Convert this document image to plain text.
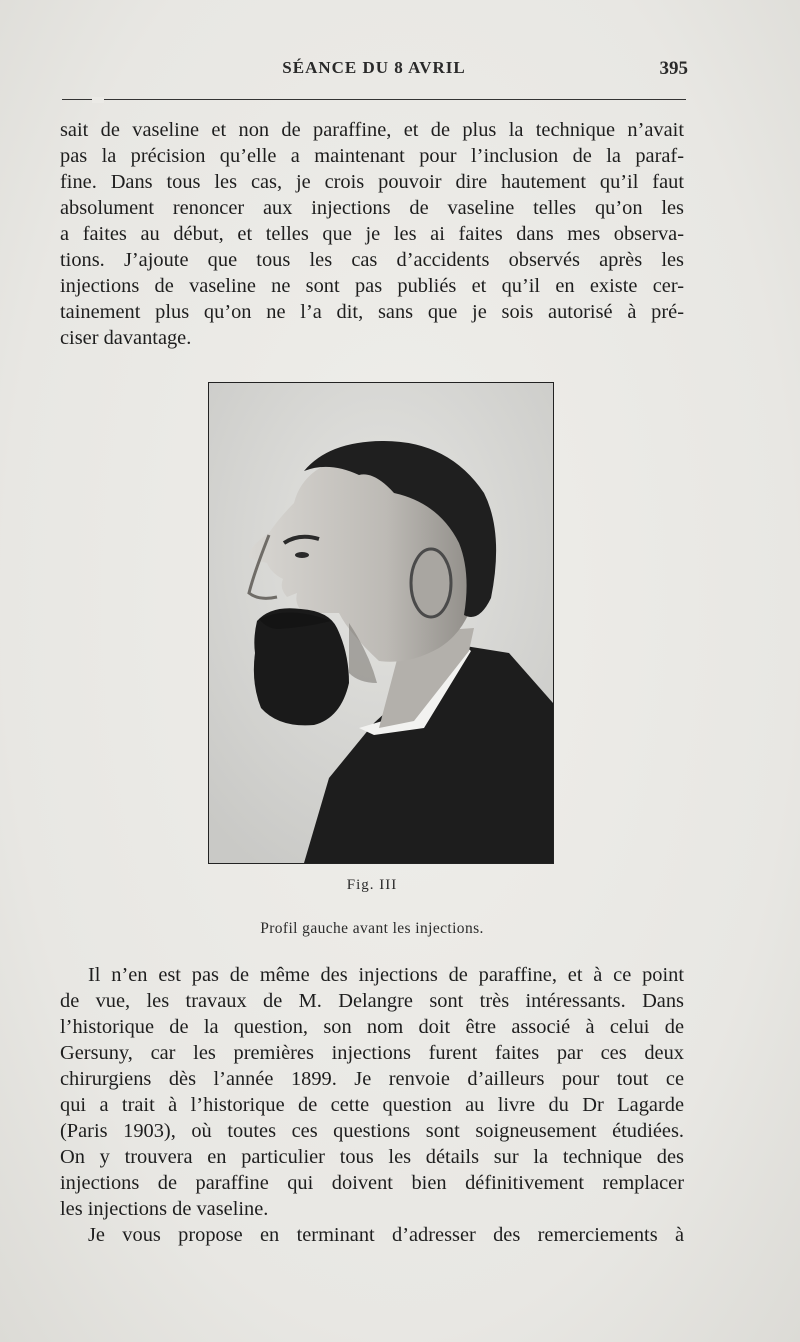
SÉANCE DU 8 AVRIL	395
sait de vaseline et non de paraffine, et de plus la technique n’avait
pas la précision qu’elle a maintenant pour l’inclusion de la paraf-
fine. Dans tous les cas, je crois pouvoir dire hautement qu’il faut
absolument renoncer aux injections de vaseline telles qu’on les
a faites au début, et telles que je les ai faites dans mes observa-
tions. J’ajoute que tous les cas d’accidents observés après les
injections de vaseline ne sont pas publiés et qu’il en existe cer-
tainement plus qu’on ne l’a dit, sans que je sois autorisé à pré-
ciser davantage.
Fig. III
Profil gauche avant les injections.
Il n’en est pas de même des injections de paraffine, et à ce point
de vue, les travaux de M. Delangre sont très intéressants. Dans
l’historique de la question, son nom doit être associé à celui de
Gersuny, car les premières injections furent faites par ces deux
chirurgiens dès l’année 1899. Je renvoie d’ailleurs pour tout ce
qui a trait à l’historique de cette question au livre du Dr Lagarde
(Paris 1903), où toutes ces questions sont soigneusement étudiées.
On y trouvera en particulier tous les détails sur la technique des
injections de paraffine qui doivent bien définitivement remplacer
les injections de vaseline.
Je vous propose en terminant d’adresser des remerciements à
